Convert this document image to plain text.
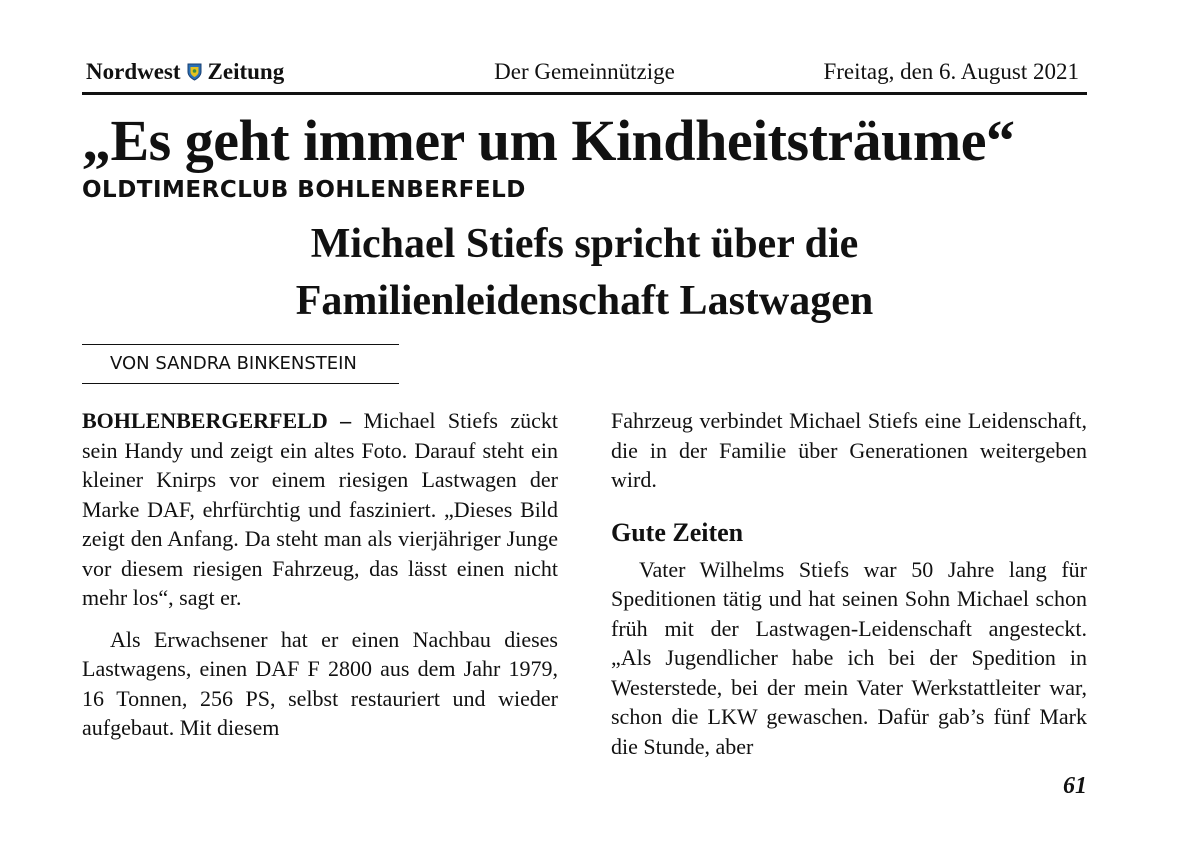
Nordwest Zeitung	Der Gemeinnützige	Freitag, den 6. August 2021
„Es geht immer um Kindheitsträume“
OLDTIMERCLUB BOHLENBERFELD
Michael Stiefs spricht über die
Familienleidenschaft Lastwagen
VON SANDRA BINKENSTEIN

BOHLENBERGERFELD – Michael Stiefs zückt sein Handy und zeigt ein altes Foto. Darauf steht ein kleiner Knirps vor einem riesigen Lastwagen der Marke DAF, ehrfürchtig und fasziniert. „Dieses Bild zeigt den Anfang. Da steht man als vierjähriger Junge vor diesem riesigen Fahrzeug, das lässt einen nicht mehr los“, sagt er.

Als Erwachsener hat er einen Nachbau dieses Lastwagens, einen DAF F 2800 aus dem Jahr 1979, 16 Tonnen, 256 PS, selbst restauriert und wieder aufgebaut. Mit diesem

Fahrzeug verbindet Michael Stiefs eine Leidenschaft, die in der Familie über Generationen weitergeben wird.

Gute Zeiten

Vater Wilhelms Stiefs war 50 Jahre lang für Speditionen tätig und hat seinen Sohn Michael schon früh mit der Lastwagen-Leidenschaft angesteckt. „Als Jugendlicher habe ich bei der Spedition in Westerstede, bei der mein Vater Werkstattleiter war, schon die LKW gewaschen. Dafür gab’s fünf Mark die Stunde, aber

61
